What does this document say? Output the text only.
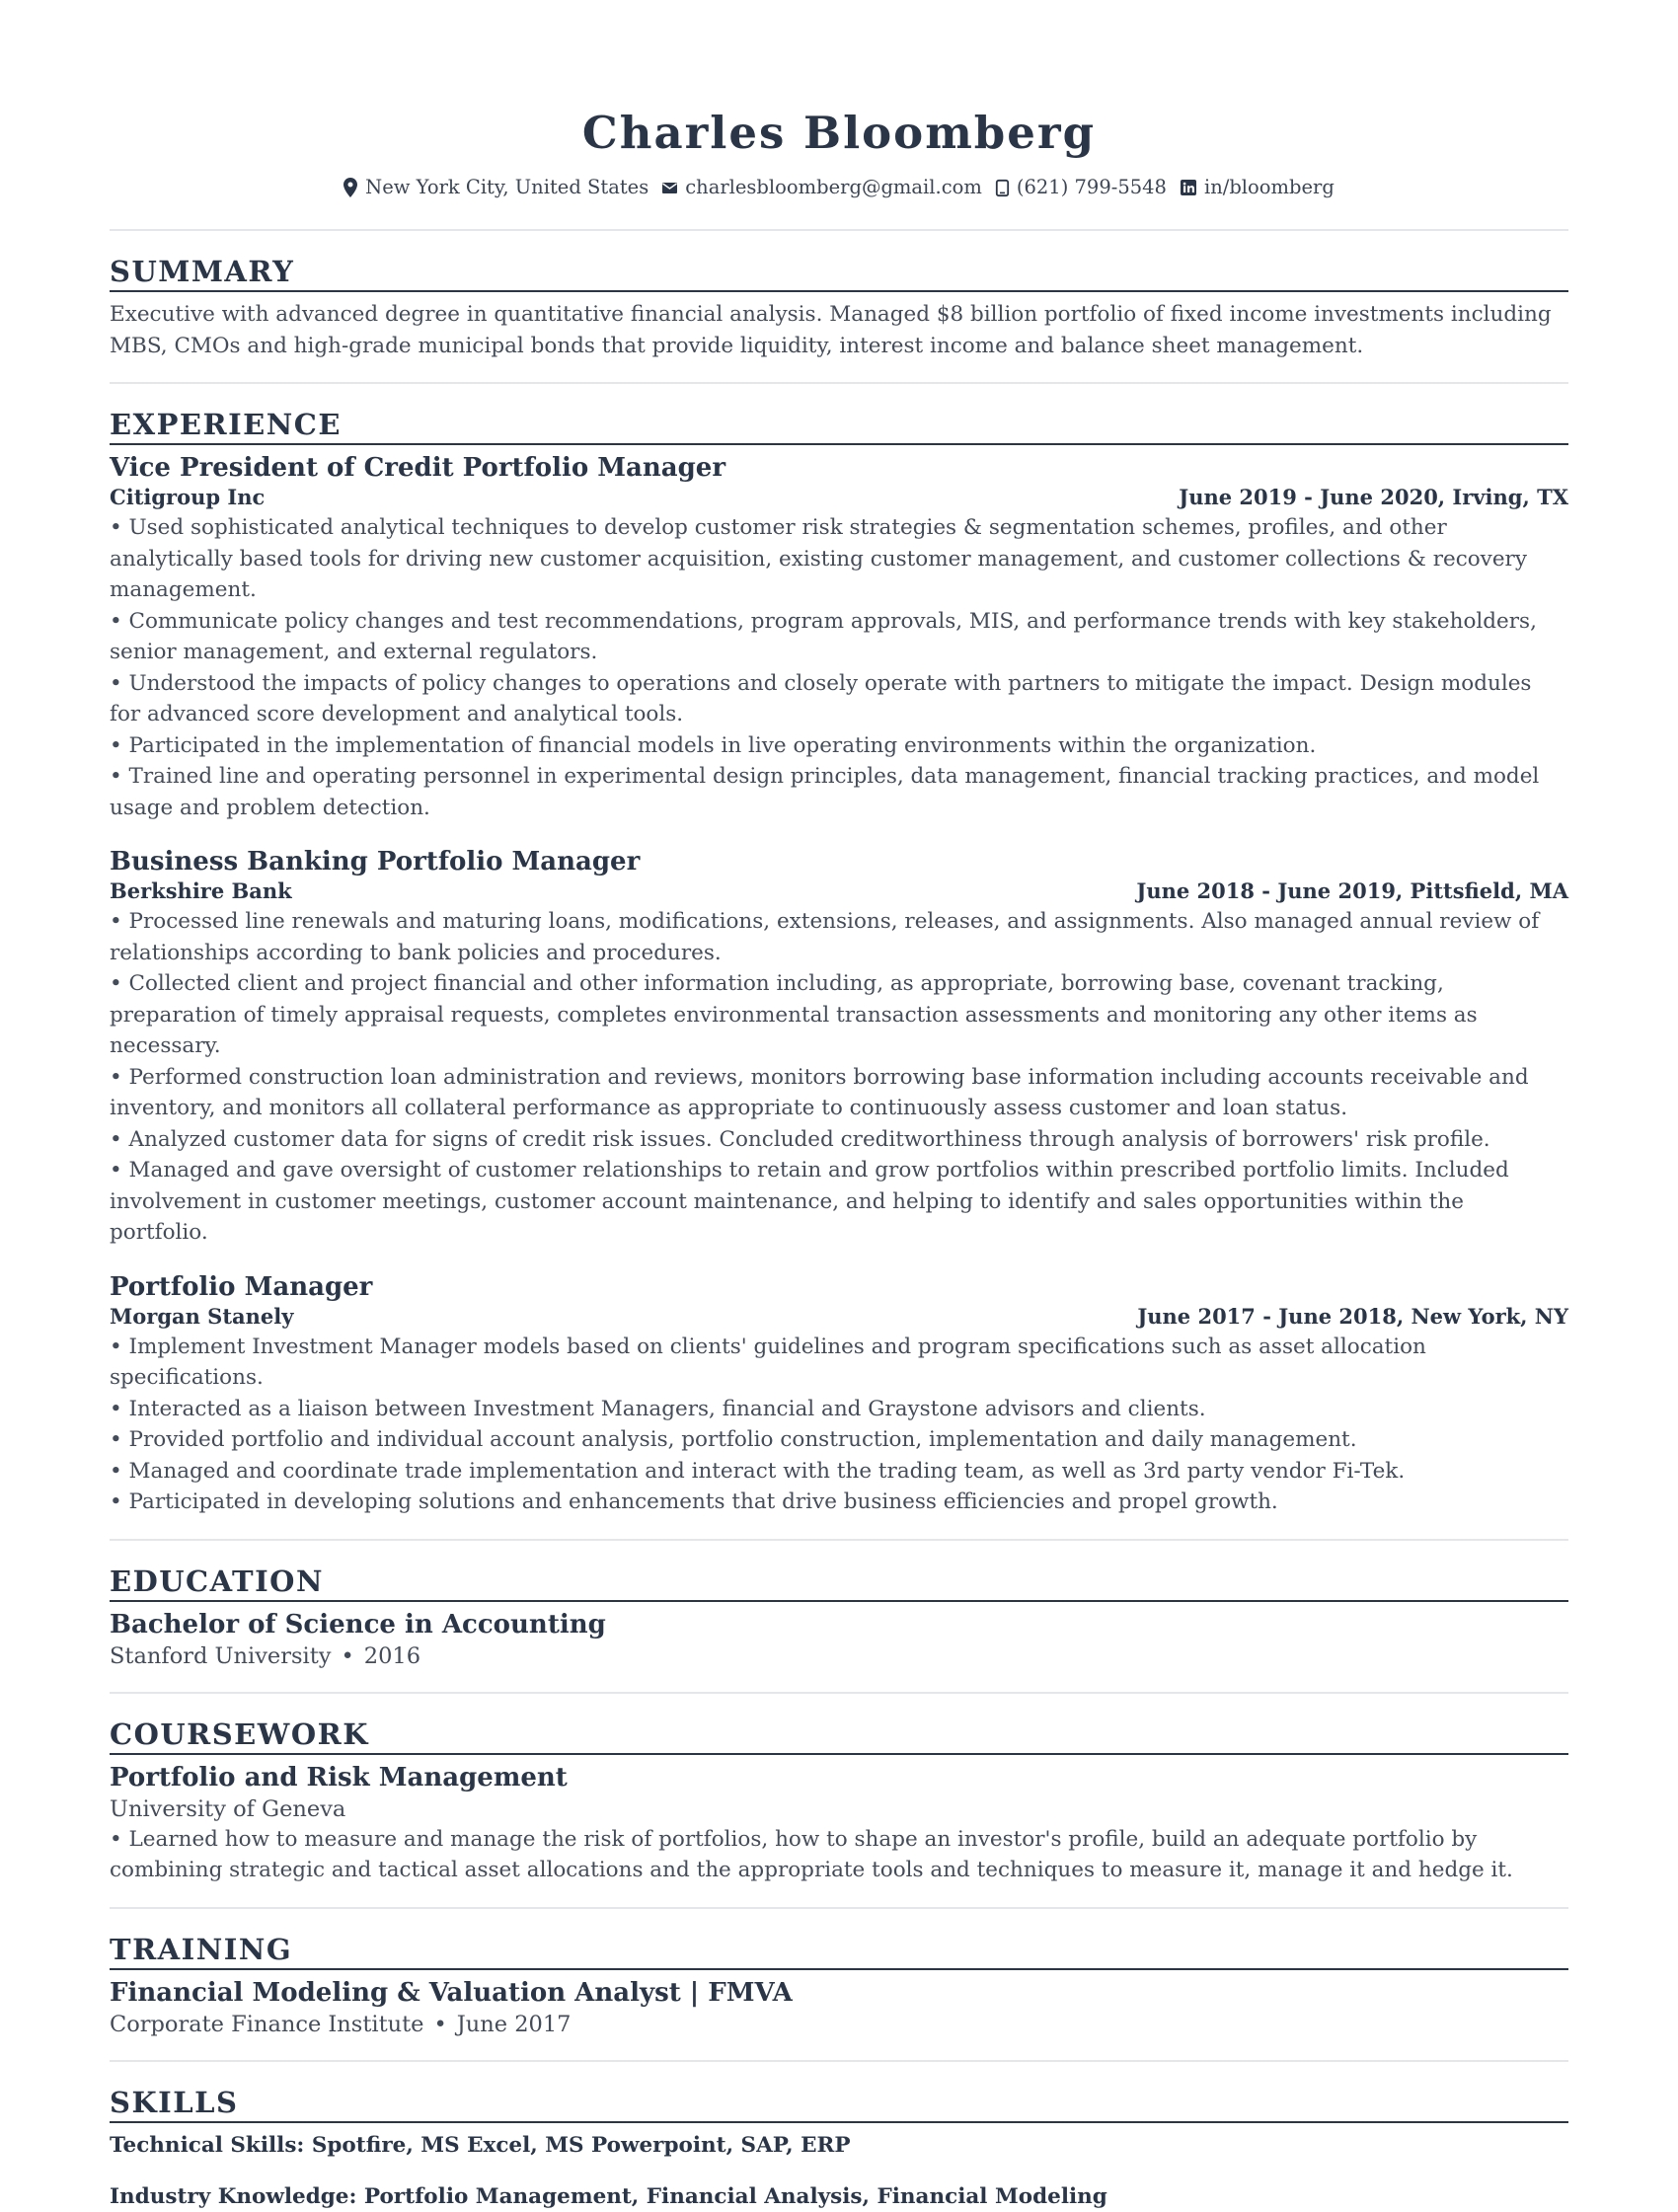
Charles Bloomberg
New York City, United States charlesbloomberg@gmail.com (621) 799-5548 in/bloomberg
SUMMARY
Executive with advanced degree in quantitative financial analysis. Managed $8 billion portfolio of fixed income investments including MBS, CMOs and high-grade municipal bonds that provide liquidity, interest income and balance sheet management.
EXPERIENCE
Vice President of Credit Portfolio Manager
Citigroup Inc	June 2019 - June 2020, Irving, TX
• Used sophisticated analytical techniques to develop customer risk strategies & segmentation schemes, profiles, and other analytically based tools for driving new customer acquisition, existing customer management, and customer collections & recovery management.
• Communicate policy changes and test recommendations, program approvals, MIS, and performance trends with key stakeholders, senior management, and external regulators.
• Understood the impacts of policy changes to operations and closely operate with partners to mitigate the impact. Design modules for advanced score development and analytical tools.
• Participated in the implementation of financial models in live operating environments within the organization.
• Trained line and operating personnel in experimental design principles, data management, financial tracking practices, and model usage and problem detection.
Business Banking Portfolio Manager
Berkshire Bank	June 2018 - June 2019, Pittsfield, MA
• Processed line renewals and maturing loans, modifications, extensions, releases, and assignments. Also managed annual review of relationships according to bank policies and procedures.
• Collected client and project financial and other information including, as appropriate, borrowing base, covenant tracking, preparation of timely appraisal requests, completes environmental transaction assessments and monitoring any other items as necessary.
• Performed construction loan administration and reviews, monitors borrowing base information including accounts receivable and inventory, and monitors all collateral performance as appropriate to continuously assess customer and loan status.
• Analyzed customer data for signs of credit risk issues. Concluded creditworthiness through analysis of borrowers' risk profile.
• Managed and gave oversight of customer relationships to retain and grow portfolios within prescribed portfolio limits. Included involvement in customer meetings, customer account maintenance, and helping to identify and sales opportunities within the portfolio.
Portfolio Manager
Morgan Stanely	June 2017 - June 2018, New York, NY
• Implement Investment Manager models based on clients' guidelines and program specifications such as asset allocation specifications.
• Interacted as a liaison between Investment Managers, financial and Graystone advisors and clients.
• Provided portfolio and individual account analysis, portfolio construction, implementation and daily management.
• Managed and coordinate trade implementation and interact with the trading team, as well as 3rd party vendor Fi-Tek.
• Participated in developing solutions and enhancements that drive business efficiencies and propel growth.
EDUCATION
Bachelor of Science in Accounting
Stanford University • 2016
COURSEWORK
Portfolio and Risk Management
University of Geneva
• Learned how to measure and manage the risk of portfolios, how to shape an investor's profile, build an adequate portfolio by combining strategic and tactical asset allocations and the appropriate tools and techniques to measure it, manage it and hedge it.
TRAINING
Financial Modeling & Valuation Analyst | FMVA
Corporate Finance Institute • June 2017
SKILLS
Technical Skills: Spotfire, MS Excel, MS Powerpoint, SAP, ERP
Industry Knowledge: Portfolio Management, Financial Analysis, Financial Modeling
